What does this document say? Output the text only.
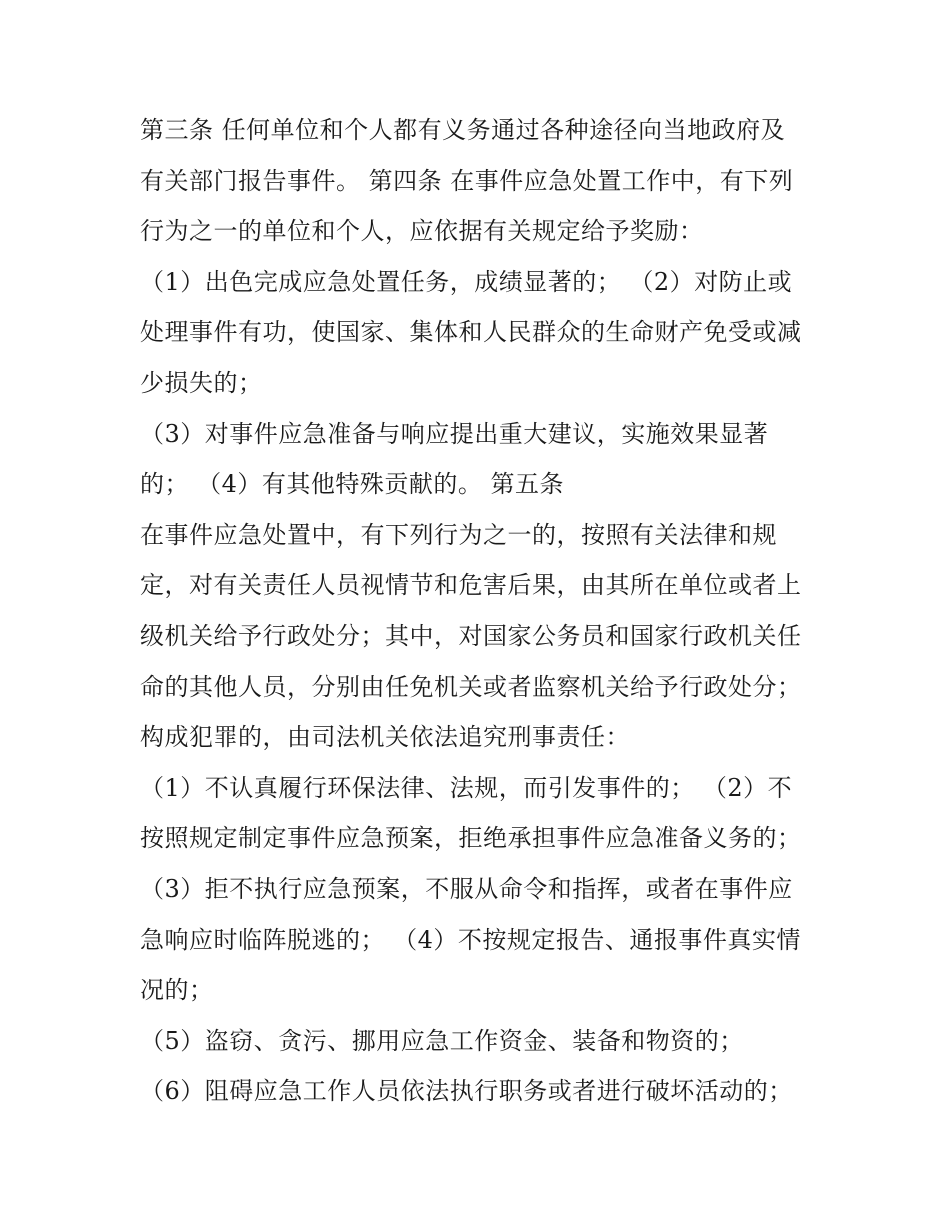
第三条 任何单位和个人都有义务通过各种途径向当地政府及
有关部门报告事件。 第四条 在事件应急处置工作中，有下列
行为之一的单位和个人，应依据有关规定给予奖励：
（1）出色完成应急处置任务，成绩显著的； （2）对防止或
处理事件有功，使国家、集体和人民群众的生命财产免受或减
少损失的；
（3）对事件应急准备与响应提出重大建议，实施效果显著
的； （4）有其他特殊贡献的。 第五条
在事件应急处置中，有下列行为之一的，按照有关法律和规
定，对有关责任人员视情节和危害后果，由其所在单位或者上
级机关给予行政处分；其中，对国家公务员和国家行政机关任
命的其他人员，分别由任免机关或者监察机关给予行政处分；
构成犯罪的，由司法机关依法追究刑事责任：
（1）不认真履行环保法律、法规，而引发事件的； （2）不
按照规定制定事件应急预案，拒绝承担事件应急准备义务的；
（3）拒不执行应急预案，不服从命令和指挥，或者在事件应
急响应时临阵脱逃的； （4）不按规定报告、通报事件真实情
况的；
（5）盗窃、贪污、挪用应急工作资金、装备和物资的；
（6）阻碍应急工作人员依法执行职务或者进行破坏活动的；
